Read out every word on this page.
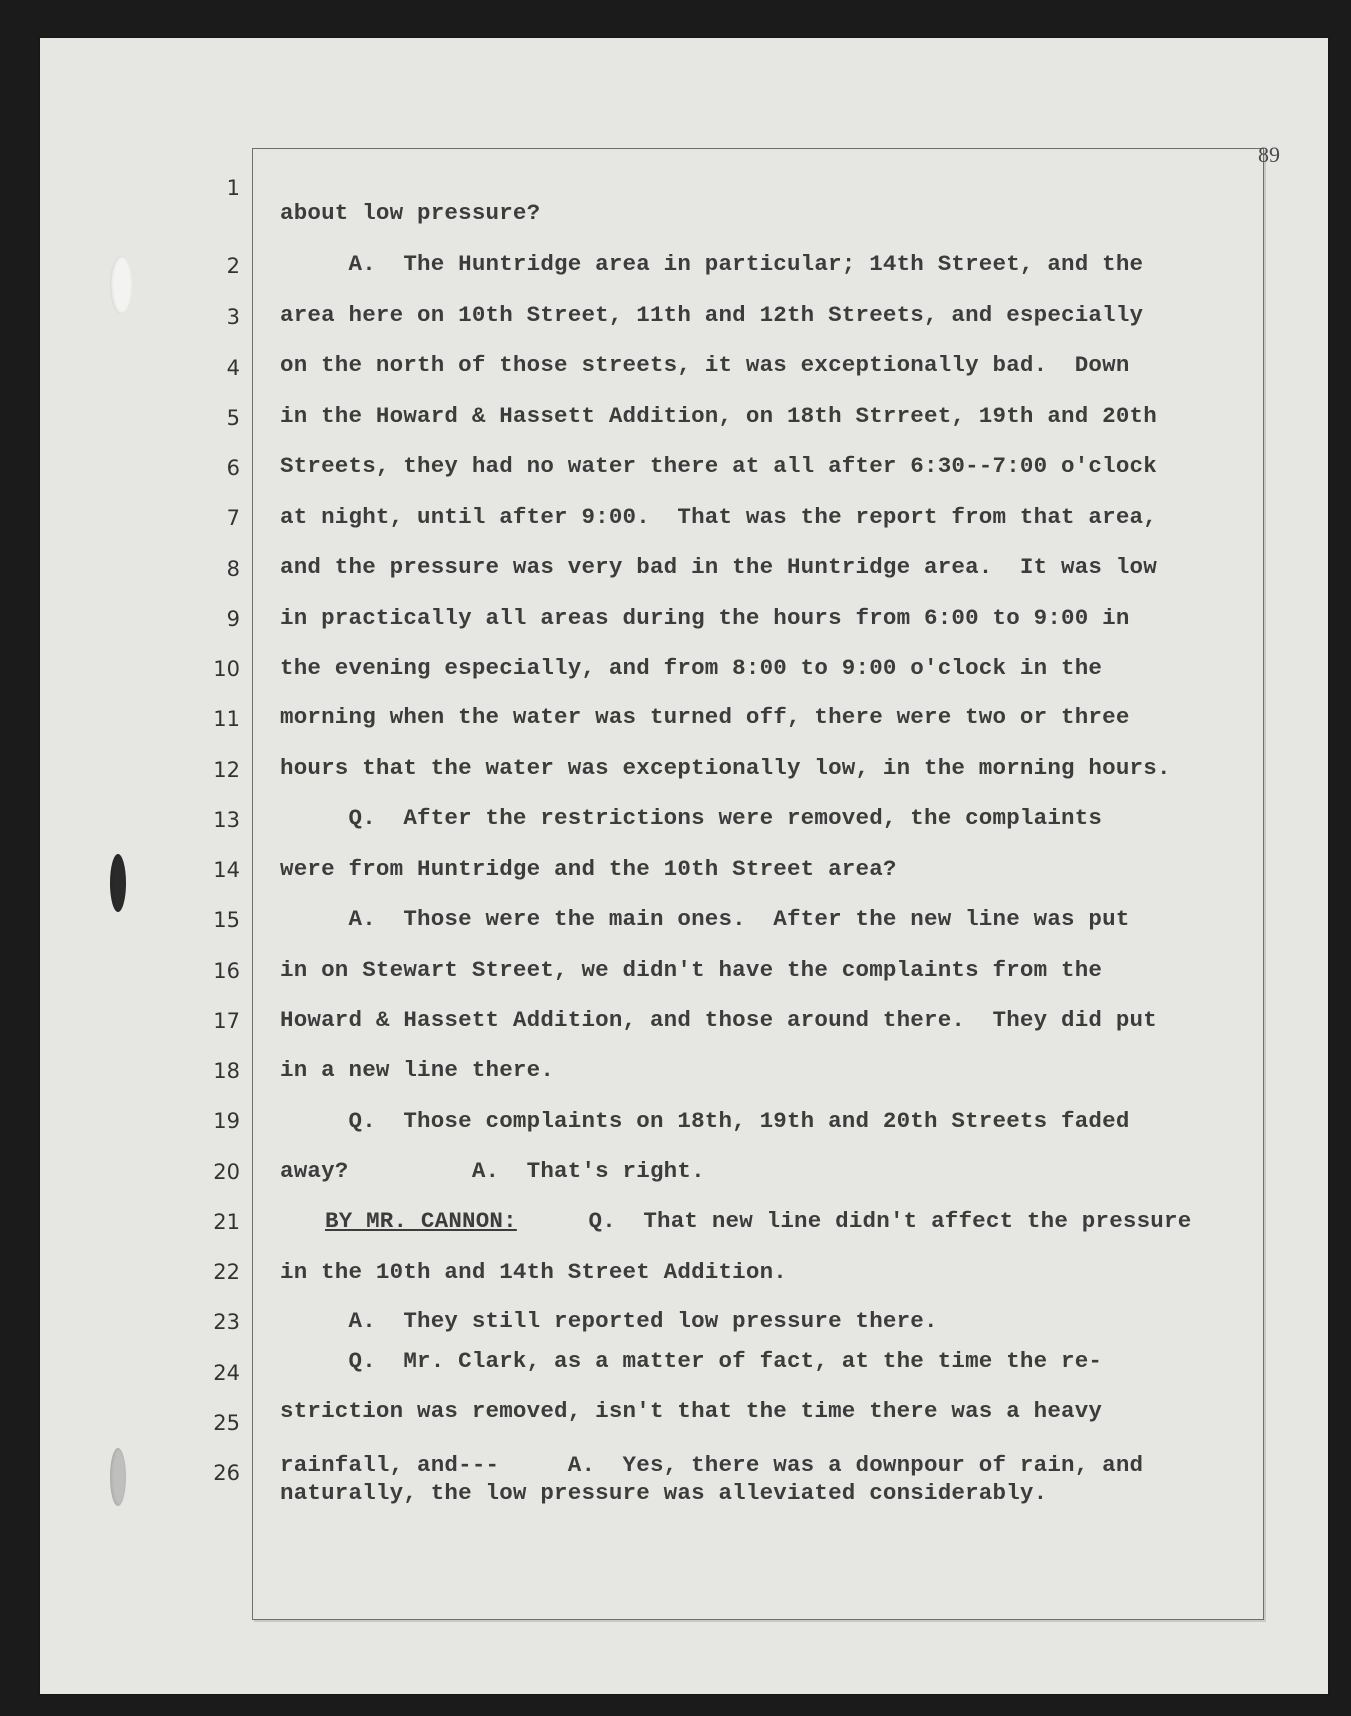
89
1
2
3
4
5
6
7
8
9
10
11
12
13
14
15
16
17
18
19
20
21
22
23
24
25
26
about low pressure?
A.  The Huntridge area in particular; 14th Street, and the
area here on 10th Street, 11th and 12th Streets, and especially
on the north of those streets, it was exceptionally bad.  Down
in the Howard & Hassett Addition, on 18th Strreet, 19th and 20th
Streets, they had no water there at all after 6:30--7:00 o'clock
at night, until after 9:00.  That was the report from that area,
and the pressure was very bad in the Huntridge area.  It was low
in practically all areas during the hours from 6:00 to 9:00 in
the evening especially, and from 8:00 to 9:00 o'clock in the
morning when the water was turned off, there were two or three
hours that the water was exceptionally low, in the morning hours.
Q.  After the restrictions were removed, the complaints
were from Huntridge and the 10th Street area?
A.  Those were the main ones.  After the new line was put
in on Stewart Street, we didn't have the complaints from the
Howard & Hassett Addition, and those around there.  They did put
in a new line there.
Q.  Those complaints on 18th, 19th and 20th Streets faded
away?         A.  That's right.
BY MR. CANNON: Q.  That new line didn't affect the pressure
in the 10th and 14th Street Addition.
A.  They still reported low pressure there.
Q.  Mr. Clark, as a matter of fact, at the time the re-
striction was removed, isn't that the time there was a heavy
rainfall, and---     A.  Yes, there was a downpour of rain, and
naturally, the low pressure was alleviated considerably.
